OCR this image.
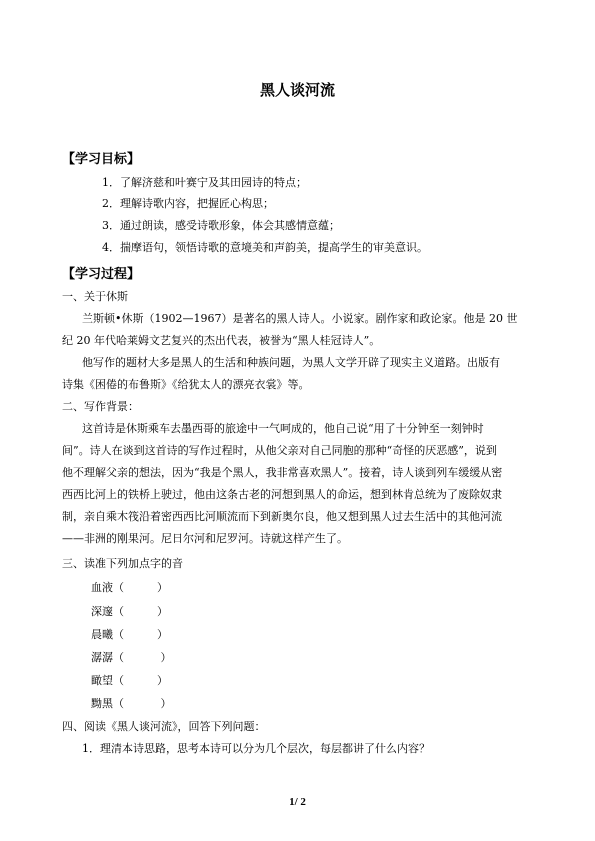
黑人谈河流
【学习目标】
1．了解济慈和叶赛宁及其田园诗的特点；
2．理解诗歌内容，把握匠心构思；
3．通过朗读，感受诗歌形象，体会其感情意蕴；
4．揣摩语句，领悟诗歌的意境美和声韵美，提高学生的审美意识。
【学习过程】
一、关于休斯
兰斯顿•休斯（1902—1967）是著名的黑人诗人。小说家。剧作家和政论家。他是 20 世
纪 20 年代哈莱姆文艺复兴的杰出代表，被誉为“黑人桂冠诗人”。
他写作的题材大多是黑人的生活和种族问题，为黑人文学开辟了现实主义道路。出版有
诗集《困倦的布鲁斯》《给犹太人的漂亮衣裳》等。
二、写作背景：
这首诗是休斯乘车去墨西哥的旅途中一气呵成的，他自己说“用了十分钟至一刻钟时
间”。诗人在谈到这首诗的写作过程时，从他父亲对自己同胞的那种“奇怪的厌恶感”，说到
他不理解父亲的想法，因为“我是个黑人，我非常喜欢黑人”。接着，诗人谈到列车缓缓从密
西西比河上的铁桥上驶过，他由这条古老的河想到黑人的命运，想到林肯总统为了废除奴隶
制，亲自乘木筏沿着密西西比河顺流而下到新奥尔良，他又想到黑人过去生活中的其他河流
——非洲的刚果河。尼日尔河和尼罗河。诗就这样产生了。
三、读准下列加点字的音
血液（　　　）
深邃（　　　）
晨曦（　　　）
潺潺（　　　 ）
瞰望（　　　）
黝黑（　　　 ）
四、阅读《黑人谈河流》，回答下列问题：
1．理清本诗思路，思考本诗可以分为几个层次，每层都讲了什么内容？
1/ 2
